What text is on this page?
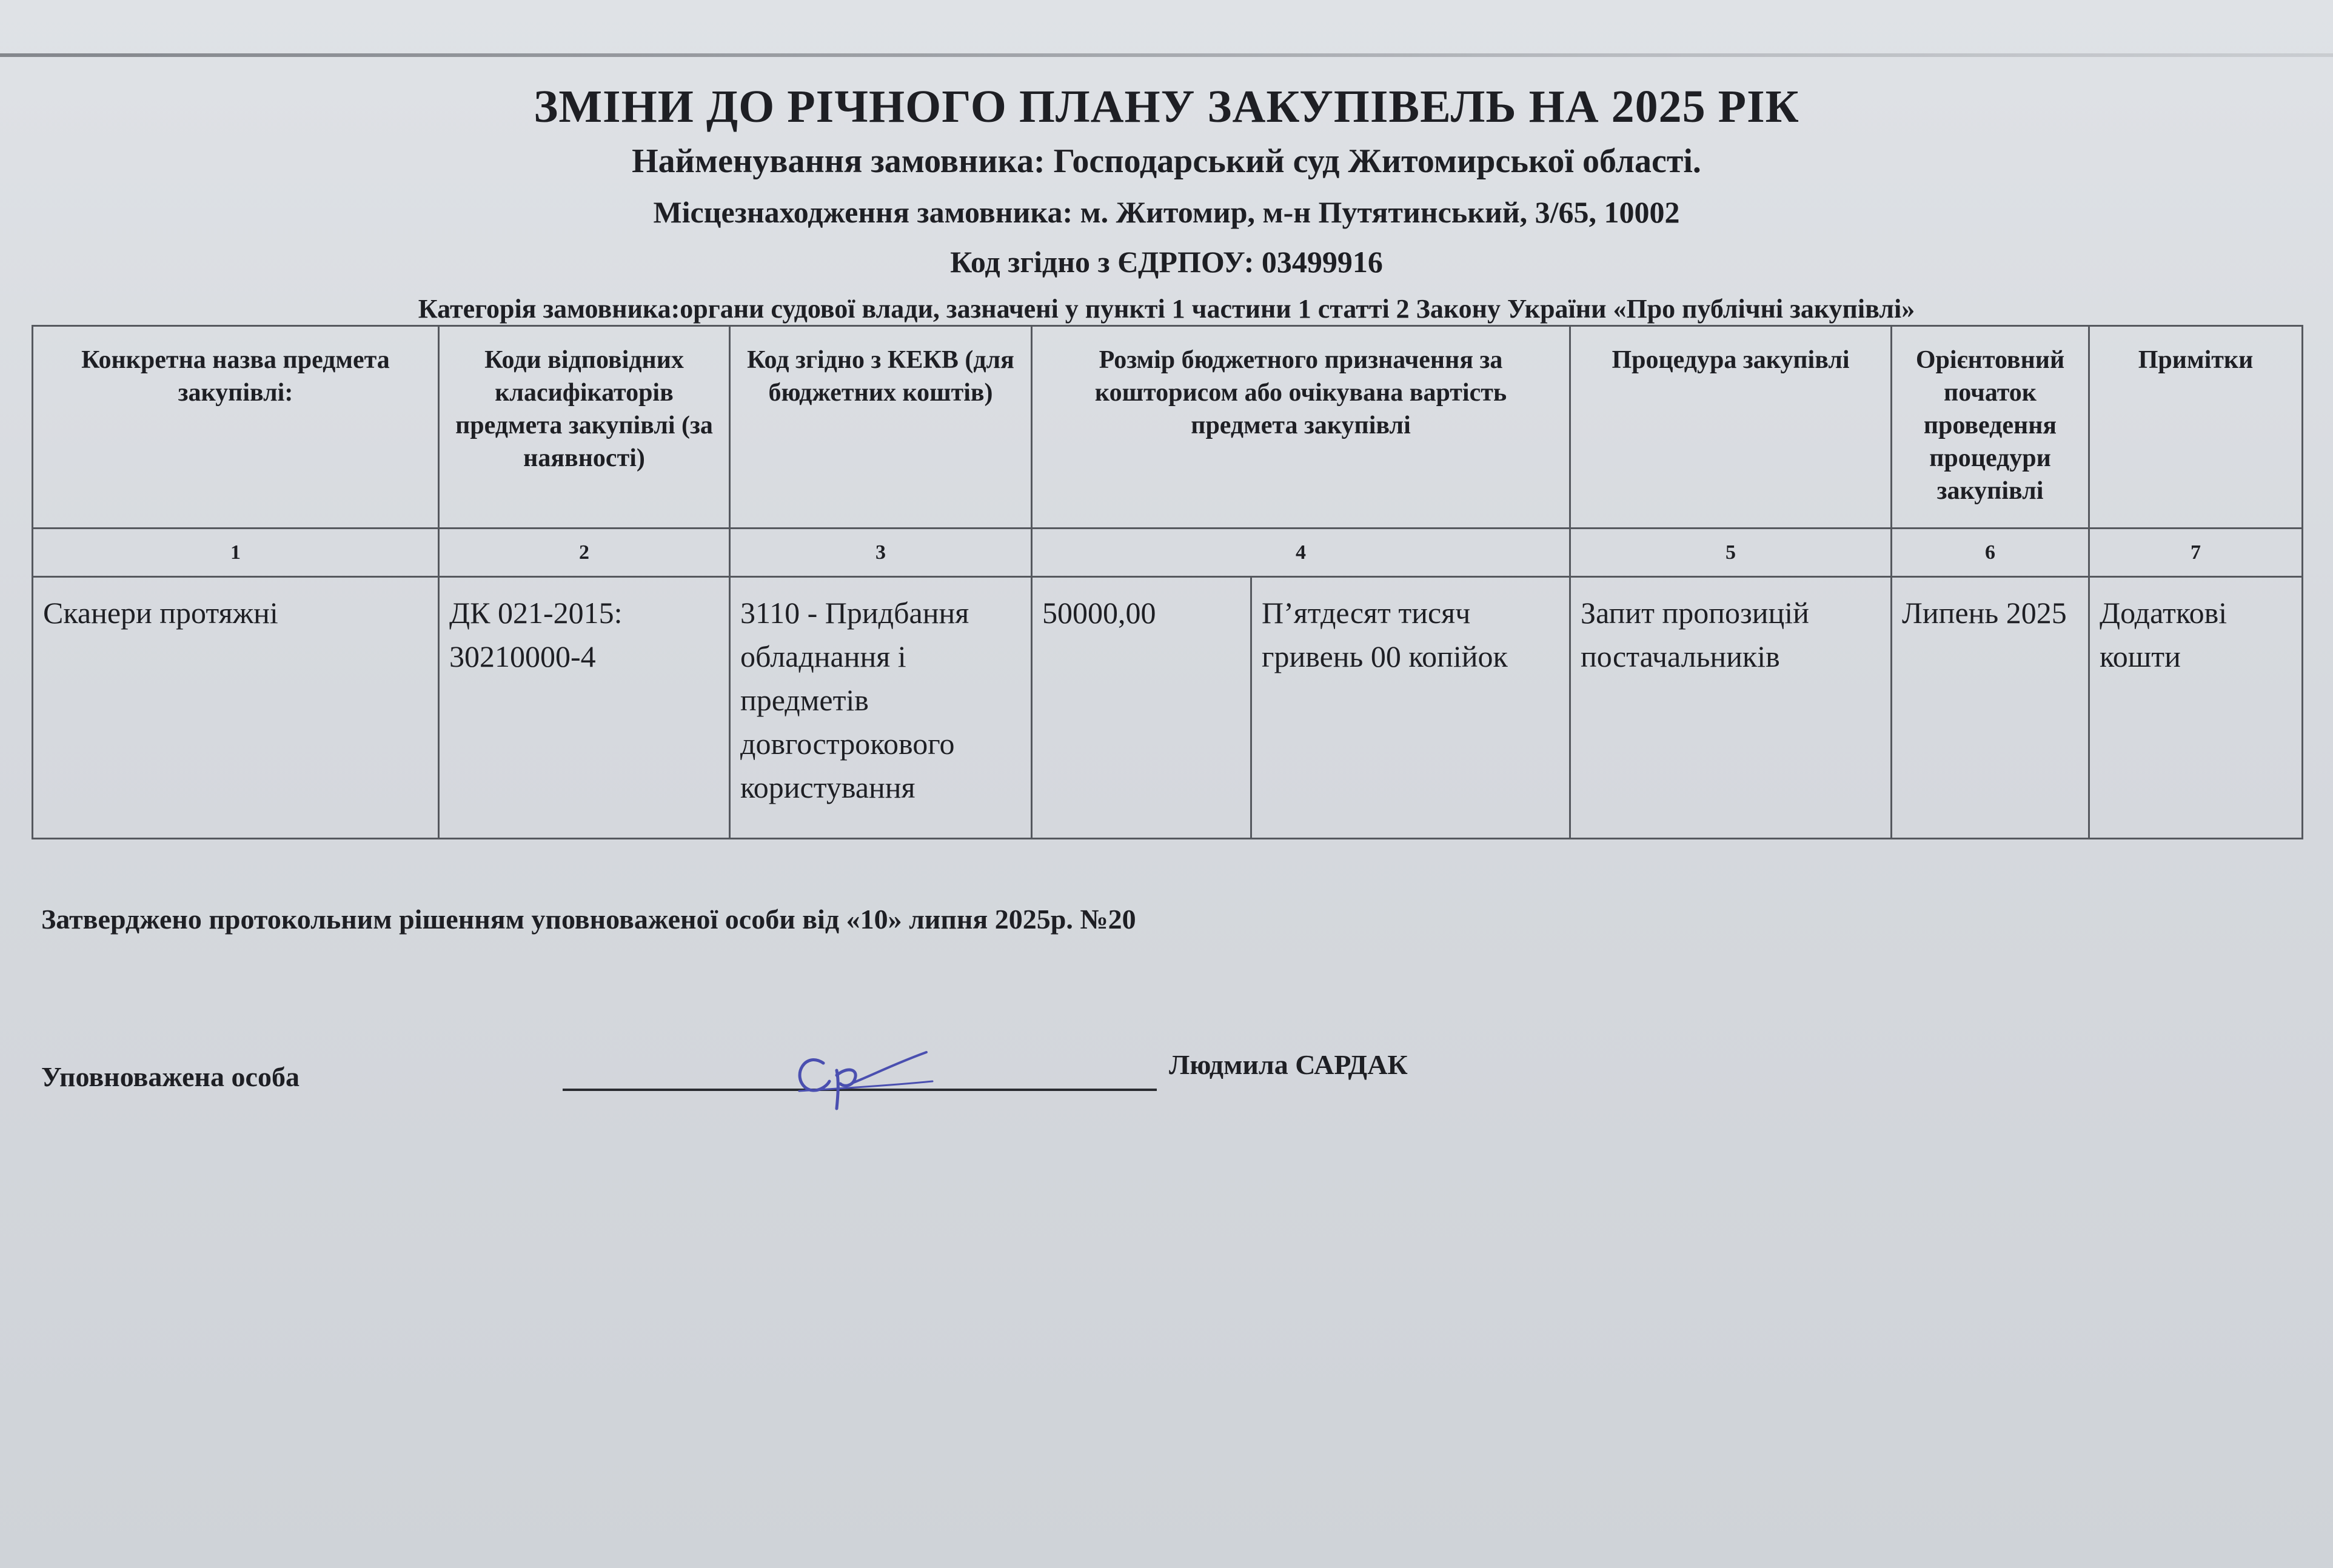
ЗМІНИ ДО РІЧНОГО ПЛАНУ ЗАКУПІВЕЛЬ НА 2025 РІК

Найменування замовника: Господарський суд Житомирської області.

Місцезнаходження замовника: м. Житомир, м-н Путятинський, 3/65, 10002

Код згідно з ЄДРПОУ: 03499916

Категорія замовника:органи судової влади, зазначені у пункті 1 частини 1 статті 2 Закону України «Про публічні закупівлі»

Конкретна назва предмета закупівлі:	Коди відповідних класифікаторів предмета закупівлі (за наявності)	Код згідно з КЕКВ (для бюджетних коштів)	Розмір бюджетного призначення за кошторисом або очікувана вартість предмета закупівлі		Процедура закупівлі	Орієнтовний початок проведення процедури закупівлі	Примітки
1	2	3	4		5	6	7
Сканери протяжні	ДК 021-2015: 30210000-4	3110 - Придбання обладнання і предметів довгострокового користування	50000,00	П’ятдесят тисяч гривень 00 копійок	Запит пропозицій постачальників	Липень 2025	Додаткові кошти
Затверджено протокольним рішенням уповноваженої особи від «10» липня 2025р. №20
Уповноважена особа	Людмила САРДАК
